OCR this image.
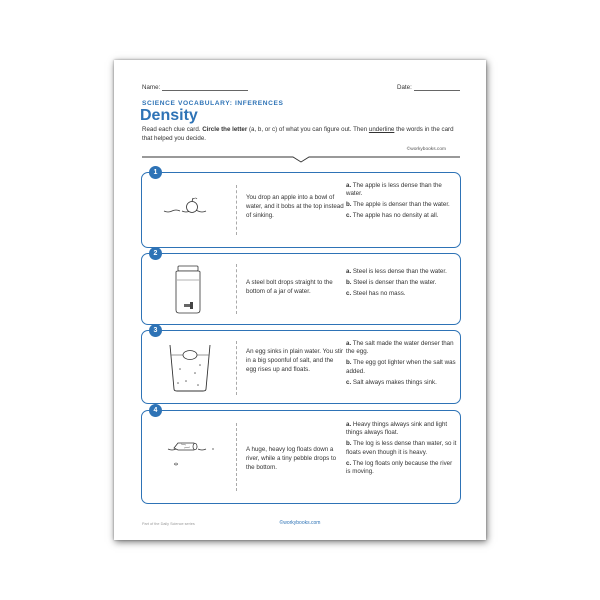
Name:	Date:
SCIENCE VOCABULARY: INFERENCES
Density
Read each clue card. Circle the letter (a, b, or c) of what you can figure out. Then underline the words in the card that helped you decide.
©workybooks.com
1
You drop an apple into a bowl of water, and it bobs at the top instead of sinking.
a. The apple is less dense than the water.
b. The apple is denser than the water.
c. The apple has no density at all.
2
A steel bolt drops straight to the bottom of a jar of water.
a. Steel is less dense than the water.
b. Steel is denser than the water.
c. Steel has no mass.
3
An egg sinks in plain water. You stir in a big spoonful of salt, and the egg rises up and floats.
a. The salt made the water denser than the egg.
b. The egg got lighter when the salt was added.
c. Salt always makes things sink.
4
A huge, heavy log floats down a river, while a tiny pebble drops to the bottom.
a. Heavy things always sink and light things always float.
b. The log is less dense than water, so it floats even though it is heavy.
c. The log floats only because the river is moving.
Part of the Daily Science series	©workybooks.com
